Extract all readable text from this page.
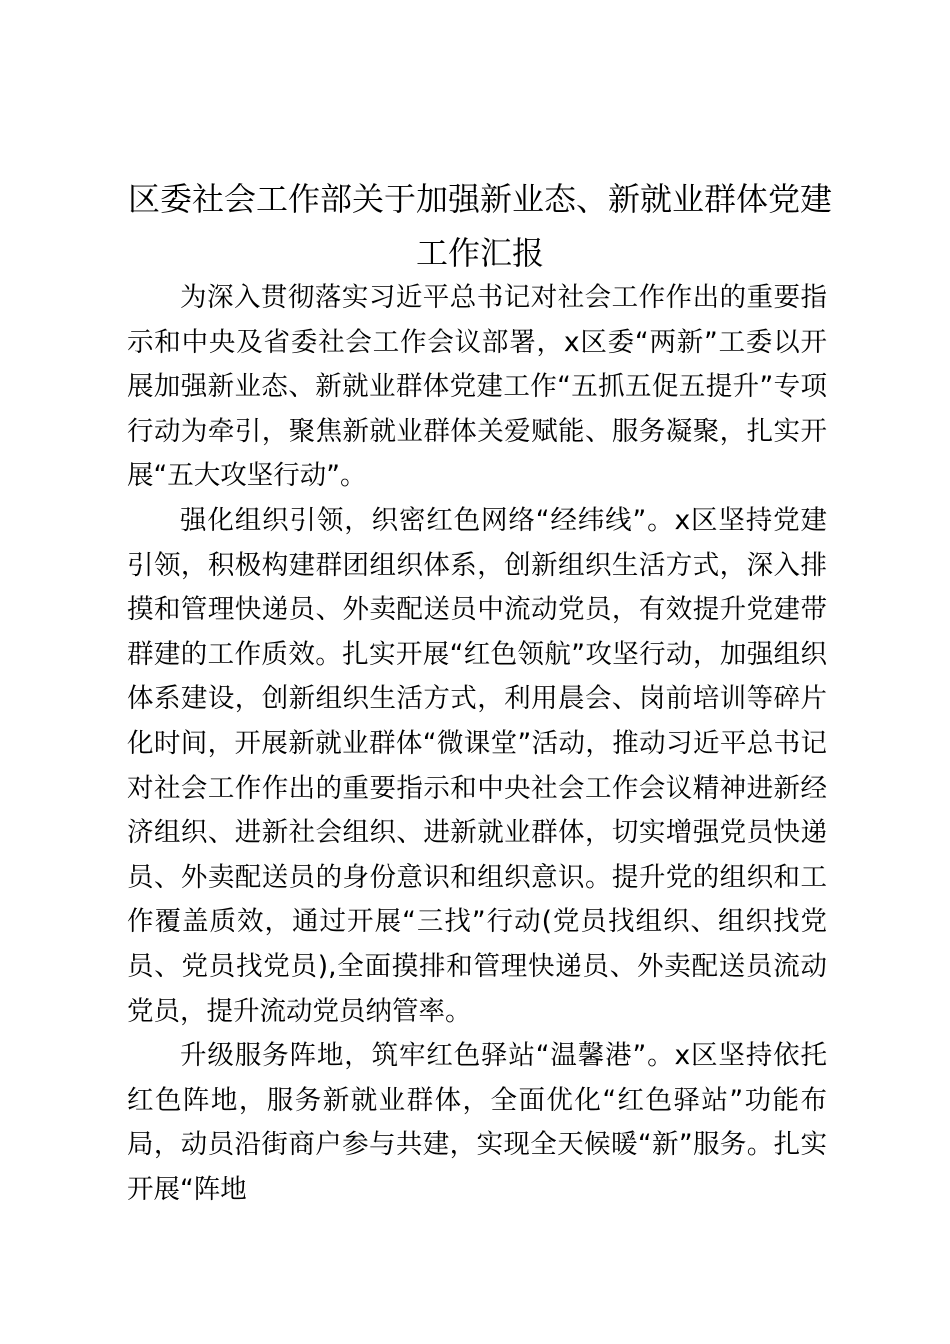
区委社会工作部关于加强新业态、新就业群体党建工作汇报

为深入贯彻落实习近平总书记对社会工作作出的重要指示和中央及省委社会工作会议部署，x区委“两新”工委以开展加强新业态、新就业群体党建工作“五抓五促五提升”专项行动为牵引，聚焦新就业群体关爱赋能、服务凝聚，扎实开展“五大攻坚行动”。

强化组织引领，织密红色网络“经纬线”。x区坚持党建引领，积极构建群团组织体系，创新组织生活方式，深入排摸和管理快递员、外卖配送员中流动党员，有效提升党建带群建的工作质效。扎实开展“红色领航”攻坚行动，加强组织体系建设，创新组织生活方式，利用晨会、岗前培训等碎片化时间，开展新就业群体“微课堂”活动，推动习近平总书记对社会工作作出的重要指示和中央社会工作会议精神进新经济组织、进新社会组织、进新就业群体，切实增强党员快递员、外卖配送员的身份意识和组织意识。提升党的组织和工作覆盖质效，通过开展“三找”行动(党员找组织、组织找党员、党员找党员),全面摸排和管理快递员、外卖配送员流动党员，提升流动党员纳管率。

升级服务阵地，筑牢红色驿站“温馨港”。x区坚持依托红色阵地，服务新就业群体，全面优化“红色驿站”功能布局，动员沿街商户参与共建，实现全天候暖“新”服务。扎实开展“阵地
